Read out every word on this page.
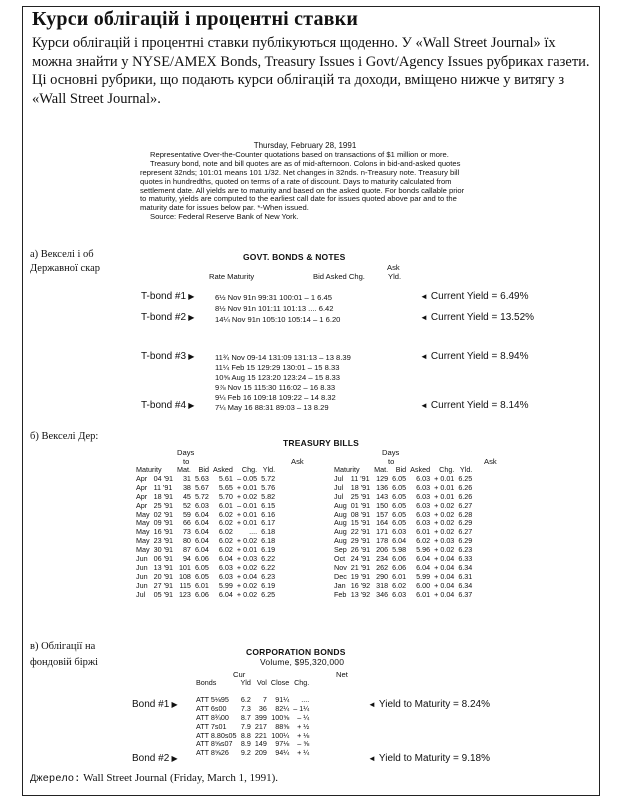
Курси облігацій і процентні ставки
Курси облігацій і процентні ставки публікуються щоденно. У «Wall Street Journal» їх можна знайти у NYSE/AMEX Bonds, Treasury Issues і Govt/Agency Issues рубриках газети. Ці основні рубрики, що подають курси облігацій та доходи, вміщено нижче у витягу з «Wall Street Journal».
Thursday, February 28, 1991

Representative Over-the-Counter quotations based on transactions of $1 million or more.

Treasury bond, note and bill quotes are as of mid-afternoon. Colons in bid-and-asked quotes represent 32nds; 101:01 means 101 1/32. Net changes in 32nds. n-Treasury note. Treasury bill quotes in hundredths, quoted on terms of a rate of discount. Days to maturity calculated from settlement date. All yields are to maturity and based on the asked quote. For bonds callable prior to maturity, yields are computed to the earliest call date for issues quoted above par and to the maturity date for issues below par. *-When issued.

Source: Federal Reserve Bank of New York.

а) Векселі і об
Державної скар
GOVT. BONDS & NOTES
Ask
Rate Maturity	Bid Asked Chg.	Yld.
6½ Nov 91n 99:31 100:01 – 1 6.45
8½ Nov 91n 101:11 101:13 .... 6.42
14¼ Nov 91n 105:10 105:14 – 1 6.20
11¾ Nov 09-14 131:09 131:13 – 13 8.39
11¼ Feb 15 129:29 130:01 – 15 8.33
10⅝ Aug 15 123:20 123:24 – 15 8.33
9⅞ Nov 15 115:30 116:02 – 16 8.33
9¼ Feb 16 109:18 109:22 – 14 8.32
7¼ May 16 88:31 89:03 – 13 8.29
T-bond #1 ▶
T-bond #2 ▶
T-bond #3 ▶
T-bond #4 ▶
◄ Current Yield = 6.49%
◄ Current Yield = 13.52%
◄ Current Yield = 8.94%
◄ Current Yield = 8.14%
б) Векселі Дер:
TREASURY BILLS
Days
to	Ask
Days
to	Ask
Maturity		Mat.	Bid	Asked	Chg.	Yld.
Apr	04 '91	31	5.63	5.61	– 0.05	5.72
Apr	11 '91	38	5.67	5.65	+ 0.01	5.76
Apr	18 '91	45	5.72	5.70	+ 0.02	5.82
Apr	25 '91	52	6.03	6.01	– 0.01	6.15
May	02 '91	59	6.04	6.02	+ 0.01	6.16
May	09 '91	66	6.04	6.02	+ 0.01	6.17
May	16 '91	73	6.04	6.02	....	6.18
May	23 '91	80	6.04	6.02	+ 0.02	6.18
May	30 '91	87	6.04	6.02	+ 0.01	6.19
Jun	06 '91	94	6.06	6.04	+ 0.03	6.22
Jun	13 '91	101	6.05	6.03	+ 0.02	6.22
Jun	20 '91	108	6.05	6.03	+ 0.04	6.23
Jun	27 '91	115	6.01	5.99	+ 0.02	6.19
Jul	05 '91	123	6.06	6.04	+ 0.02	6.25
Maturity		Mat.	Bid	Asked	Chg.	Yld.
Jul	11 '91	129	6.05	6.03	+ 0.01	6.25
Jul	18 '91	136	6.05	6.03	+ 0.01	6.26
Jul	25 '91	143	6.05	6.03	+ 0.01	6.26
Aug	01 '91	150	6.05	6.03	+ 0.02	6.27
Aug	08 '91	157	6.05	6.03	+ 0.02	6.28
Aug	15 '91	164	6.05	6.03	+ 0.02	6.29
Aug	22 '91	171	6.03	6.01	+ 0.02	6.27
Aug	29 '91	178	6.04	6.02	+ 0.03	6.29
Sep	26 '91	206	5.98	5.96	+ 0.02	6.23
Oct	24 '91	234	6.06	6.04	+ 0.04	6.33
Nov	21 '91	262	6.06	6.04	+ 0.04	6.34
Dec	19 '91	290	6.01	5.99	+ 0.04	6.31
Jan	16 '92	318	6.02	6.00	+ 0.04	6.34
Feb	13 '92	346	6.03	6.01	+ 0.04	6.37
в) Облігації на
фондовій біржі
CORPORATION BONDS
Volume, $95,320,000
Cur	Net
Bonds	Yld	Vol	Close	Chg.

ATT 5⅛95	6.2	7	91¼	....
ATT 6s00	7.3	36	82¼	– 1¼
ATT 8¾00	8.7	399	100⅝	– ¼
ATT 7s01	7.9	217	88⅝	+ ½
ATT 8.80s05	8.8	221	100¼	+ ⅛
ATT 8⅝s07	8.9	149	97⅛	– ⅝
ATT 8⅝26	9.2	209	94¼	+ ¼
Bond #1 ▶
Bond #2 ▶
◄ Yield to Maturity = 8.24%
◄ Yield to Maturity = 9.18%
Джерело: Wall Street Journal (Friday, March 1, 1991).
